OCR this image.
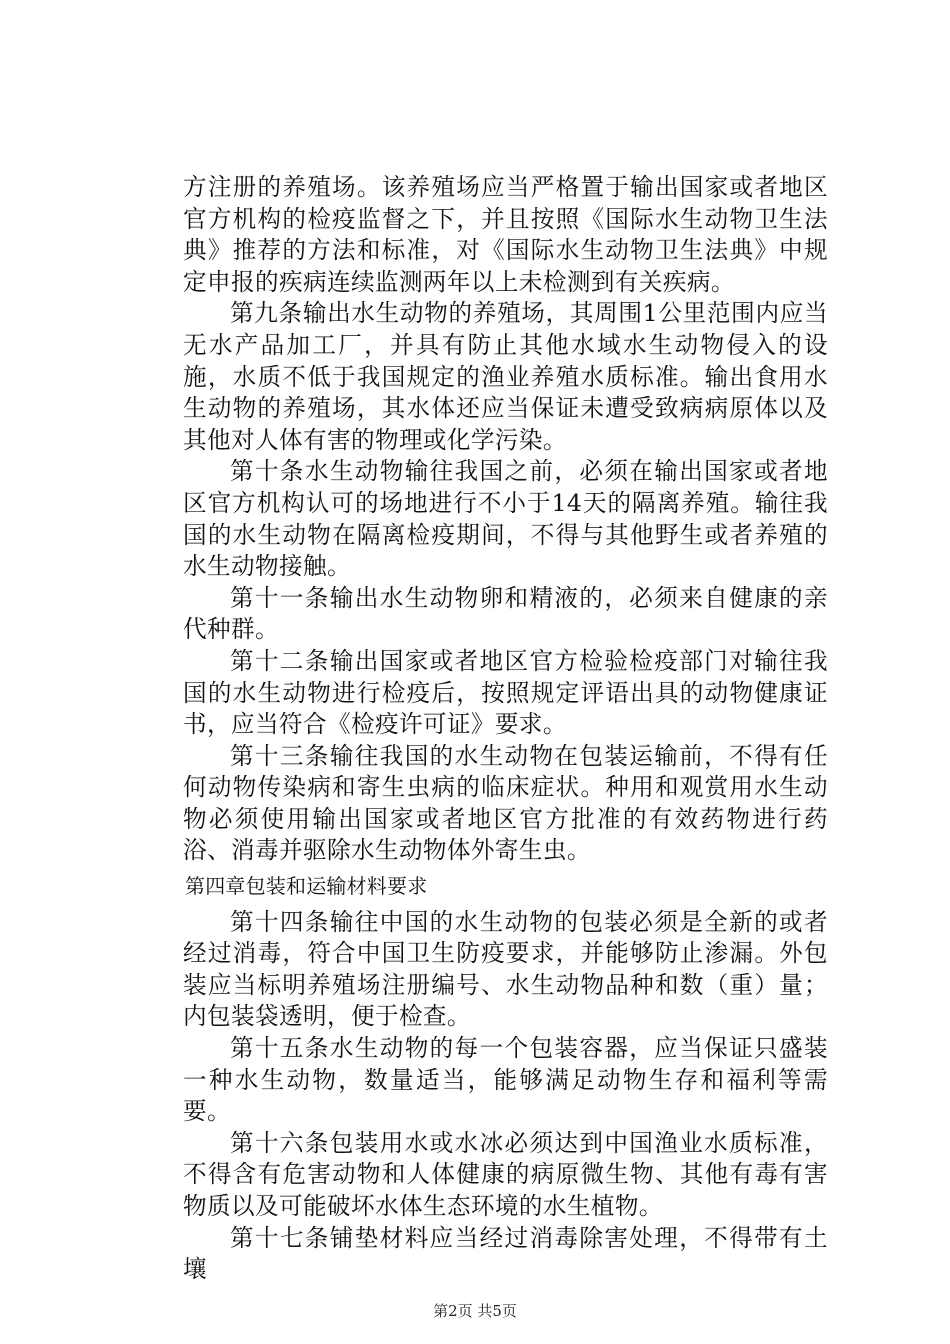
方注册的养殖场。该养殖场应当严格置于输出国家或者地区官方机构的检疫监督之下，并且按照《国际水生动物卫生法典》推荐的方法和标准，对《国际水生动物卫生法典》中规定申报的疾病连续监测两年以上未检测到有关疾病。

第九条输出水生动物的养殖场，其周围1公里范围内应当无水产品加工厂，并具有防止其他水域水生动物侵入的设施，水质不低于我国规定的渔业养殖水质标准。输出食用水生动物的养殖场，其水体还应当保证未遭受致病病原体以及其他对人体有害的物理或化学污染。

第十条水生动物输往我国之前，必须在输出国家或者地区官方机构认可的场地进行不小于14天的隔离养殖。输往我国的水生动物在隔离检疫期间，不得与其他野生或者养殖的水生动物接触。

第十一条输出水生动物卵和精液的，必须来自健康的亲代种群。

第十二条输出国家或者地区官方检验检疫部门对输往我国的水生动物进行检疫后，按照规定评语出具的动物健康证书，应当符合《检疫许可证》要求。

第十三条输往我国的水生动物在包装运输前，不得有任何动物传染病和寄生虫病的临床症状。种用和观赏用水生动物必须使用输出国家或者地区官方批准的有效药物进行药浴、消毒并驱除水生动物体外寄生虫。

第四章包装和运输材料要求

第十四条输往中国的水生动物的包装必须是全新的或者经过消毒，符合中国卫生防疫要求，并能够防止渗漏。外包装应当标明养殖场注册编号、水生动物品种和数（重）量；内包装袋透明，便于检查。

第十五条水生动物的每一个包装容器，应当保证只盛装一种水生动物，数量适当，能够满足动物生存和福利等需要。

第十六条包装用水或水冰必须达到中国渔业水质标准，不得含有危害动物和人体健康的病原微生物、其他有毒有害物质以及可能破坏水体生态环境的水生植物。

第十七条铺垫材料应当经过消毒除害处理，不得带有土壤

第2页 共5页
